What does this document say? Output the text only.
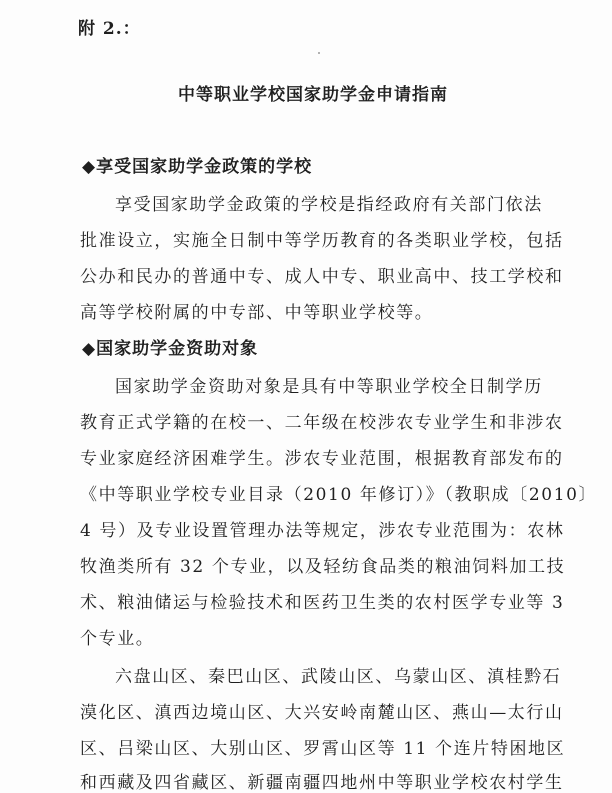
附 2.：
中等职业学校国家助学金申请指南
◆享受国家助学金政策的学校
享受国家助学金政策的学校是指经政府有关部门依法
批准设立，实施全日制中等学历教育的各类职业学校，包括
公办和民办的普通中专、成人中专、职业高中、技工学校和
高等学校附属的中专部、中等职业学校等。
◆国家助学金资助对象
国家助学金资助对象是具有中等职业学校全日制学历
教育正式学籍的在校一、二年级在校涉农专业学生和非涉农
专业家庭经济困难学生。涉农专业范围，根据教育部发布的
《中等职业学校专业目录（2010 年修订）》（教职成〔2010〕
4 号）及专业设置管理办法等规定，涉农专业范围为：农林
牧渔类所有 32 个专业，以及轻纺食品类的粮油饲料加工技
术、粮油储运与检验技术和医药卫生类的农村医学专业等 3
个专业。
六盘山区、秦巴山区、武陵山区、乌蒙山区、滇桂黔石
漠化区、滇西边境山区、大兴安岭南麓山区、燕山—太行山
区、吕梁山区、大别山区、罗霄山区等 11 个连片特困地区
和西藏及四省藏区、新疆南疆四地州中等职业学校农村学生
